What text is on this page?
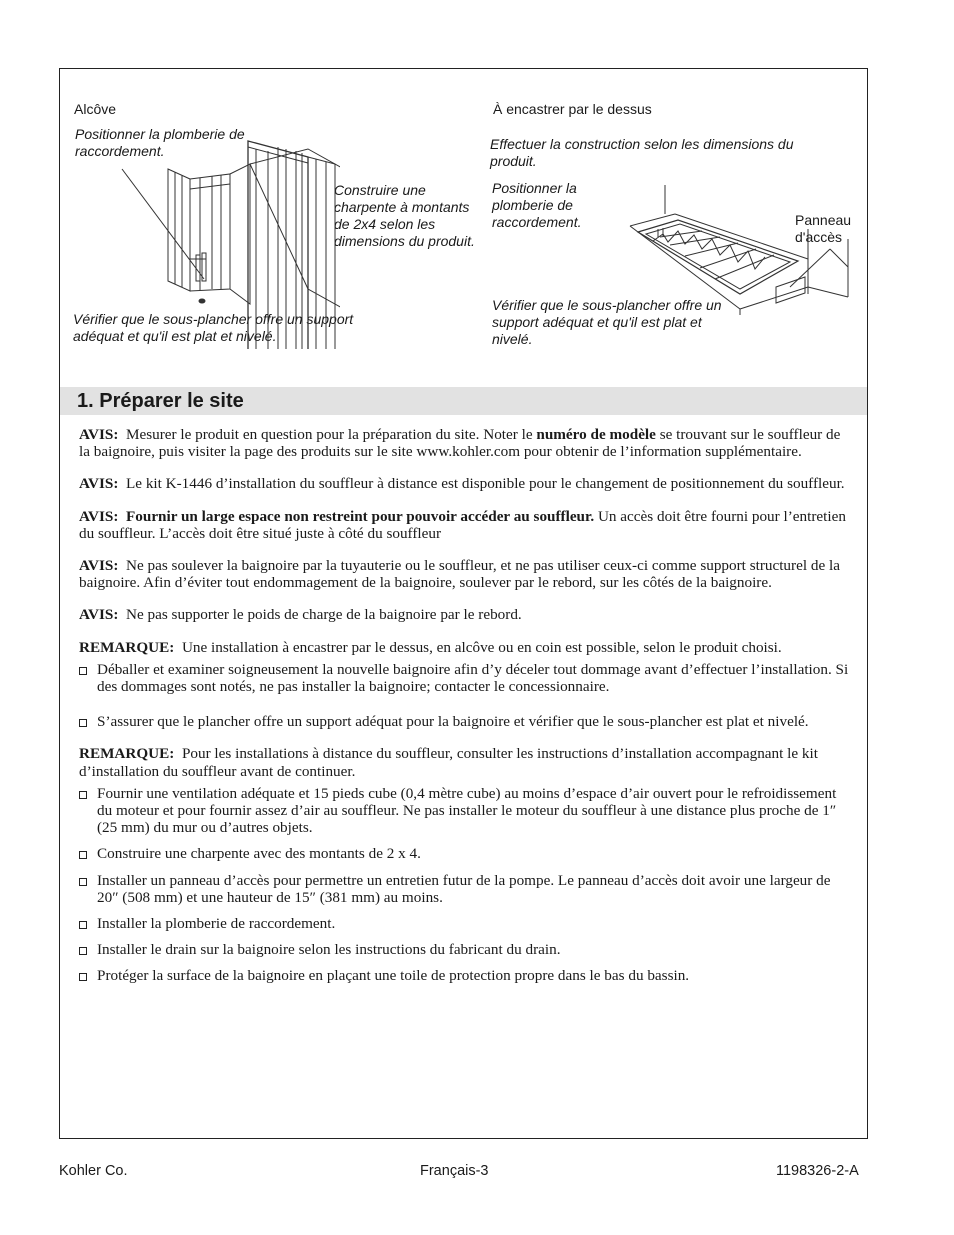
Alcôve
Positionner la plomberie de raccordement.
Construire une charpente à montants de 2x4 selon les dimensions du produit.
Vérifier que le sous-plancher offre un support adéquat et qu'il est plat et nivelé.
À encastrer par le dessus
Effectuer la construction selon les dimensions du produit.
Positionner la plomberie de raccordement.	Panneau d'accès
Vérifier que le sous-plancher offre un support adéquat et qu'il est plat et nivelé.
1. Préparer le site

AVIS: Mesurer le produit en question pour la préparation du site. Noter le numéro de modèle se trouvant sur le souffleur de la baignoire, puis visiter la page des produits sur le site www.kohler.com pour obtenir de l’information supplémentaire.

AVIS: Le kit K-1446 d’installation du souffleur à distance est disponible pour le changement de positionnement du souffleur.

AVIS: Fournir un large espace non restreint pour pouvoir accéder au souffleur. Un accès doit être fourni pour l’entretien du souffleur. L’accès doit être situé juste à côté du souffleur

AVIS: Ne pas soulever la baignoire par la tuyauterie ou le souffleur, et ne pas utiliser ceux-ci comme support structurel de la baignoire. Afin d’éviter tout endommagement de la baignoire, soulever par le rebord, sur les côtés de la baignoire.

AVIS: Ne pas supporter le poids de charge de la baignoire par le rebord.

REMARQUE: Une installation à encastrer par le dessus, en alcôve ou en coin est possible, selon le produit choisi.

Déballer et examiner soigneusement la nouvelle baignoire afin d’y déceler tout dommage avant d’effectuer l’installation. Si des dommages sont notés, ne pas installer la baignoire; contacter le concessionnaire.
S’assurer que le plancher offre un support adéquat pour la baignoire et vérifier que le sous-plancher est plat et nivelé.

REMARQUE: Pour les installations à distance du souffleur, consulter les instructions d’installation accompagnant le kit d’installation du souffleur avant de continuer.

Fournir une ventilation adéquate et 15 pieds cube (0,4 mètre cube) au moins d’espace d’air ouvert pour le refroidissement du moteur et pour fournir assez d’air au souffleur. Ne pas installer le moteur du souffleur à une distance plus proche de 1″ (25 mm) du mur ou d’autres objets.
Construire une charpente avec des montants de 2 x 4.
Installer un panneau d’accès pour permettre un entretien futur de la pompe. Le panneau d’accès doit avoir une largeur de 20″ (508 mm) et une hauteur de 15″ (381 mm) au moins.
Installer la plomberie de raccordement.
Installer le drain sur la baignoire selon les instructions du fabricant du drain.
Protéger la surface de la baignoire en plaçant une toile de protection propre dans le bas du bassin.
Kohler Co.	Français-3	1198326-2-A
